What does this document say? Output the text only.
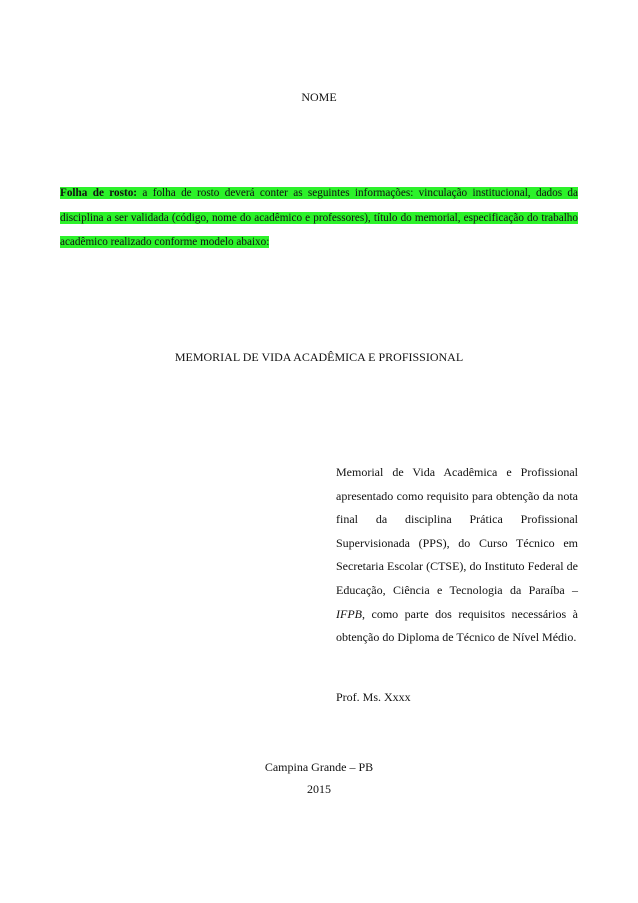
NOME
Folha de rosto: a folha de rosto deverá conter as seguintes informações: vinculação institucional, dados da disciplina a ser validada (código, nome do acadêmico e professores), título do memorial, especificação do trabalho acadêmico realizado conforme modelo abaixo:
MEMORIAL DE VIDA ACADÊMICA E PROFISSIONAL
Memorial de Vida Acadêmica e Profissional apresentado como requisito para obtenção da nota final da disciplina Prática Profissional Supervisionada (PPS), do Curso Técnico em Secretaria Escolar (CTSE), do Instituto Federal de Educação, Ciência e Tecnologia da Paraíba – IFPB, como parte dos requisitos necessários à obtenção do Diploma de Técnico de Nível Médio.
Prof. Ms. Xxxx
Campina Grande – PB
2015
